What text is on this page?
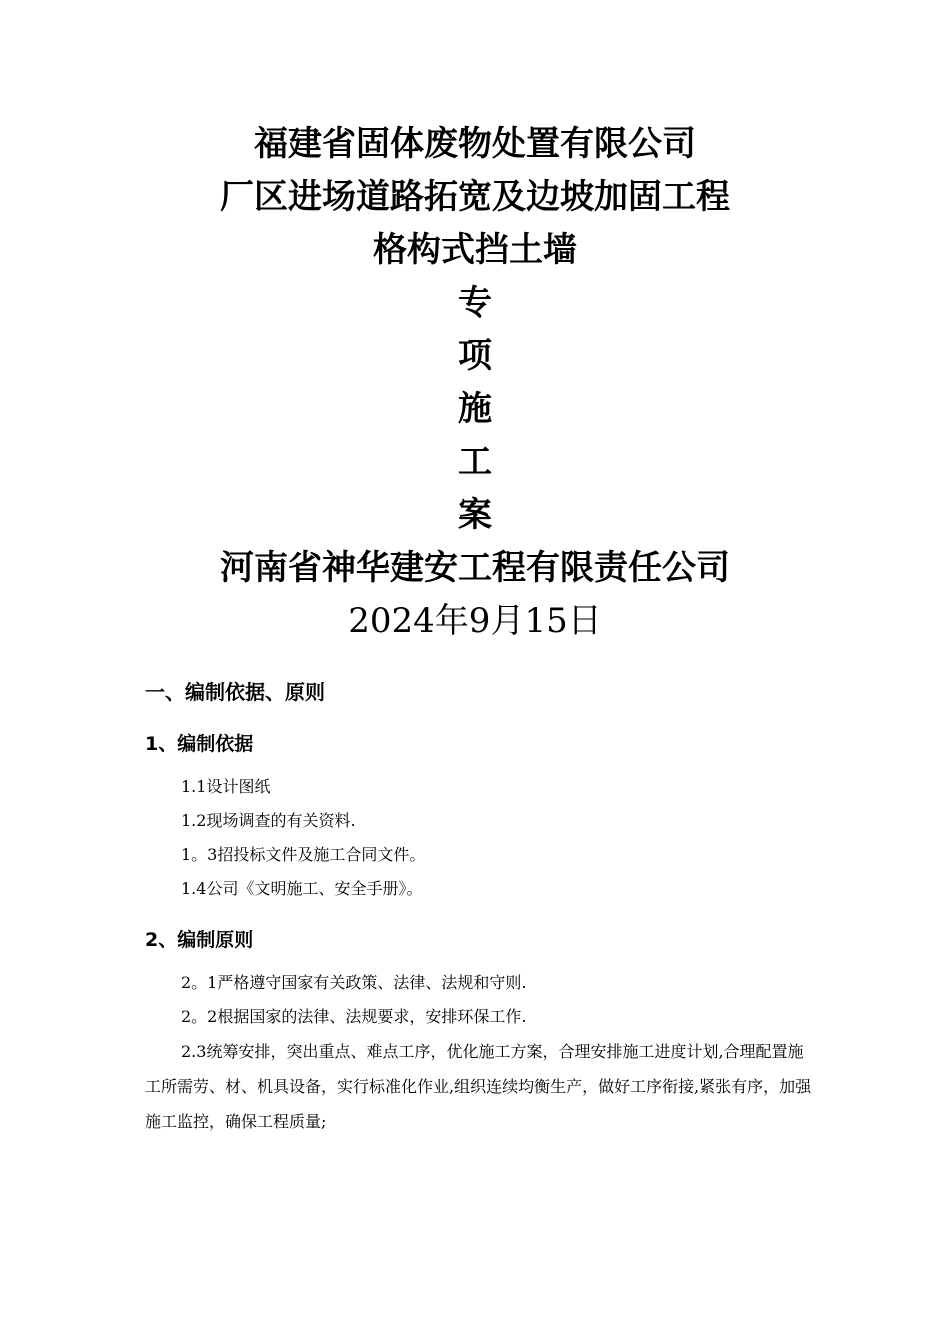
福建省固体废物处置有限公司
厂区进场道路拓宽及边坡加固工程
格构式挡土墙
专
项
施
工
案
河南省神华建安工程有限责任公司
2024年9月15日
一、编制依据、原则
1、编制依据
1.1设计图纸
1.2现场调查的有关资料.
1。3招投标文件及施工合同文件。
1.4公司《文明施工、安全手册》。
2、编制原则
2。1严格遵守国家有关政策、法律、法规和守则.
2。2根据国家的法律、法规要求，安排环保工作.

2.3统筹安排，突出重点、难点工序，优化施工方案，合理安排施工进度计划,合理配置施工所需劳、材、机具设备，实行标准化作业,组织连续均衡生产，做好工序衔接,紧张有序，加强施工监控，确保工程质量;
